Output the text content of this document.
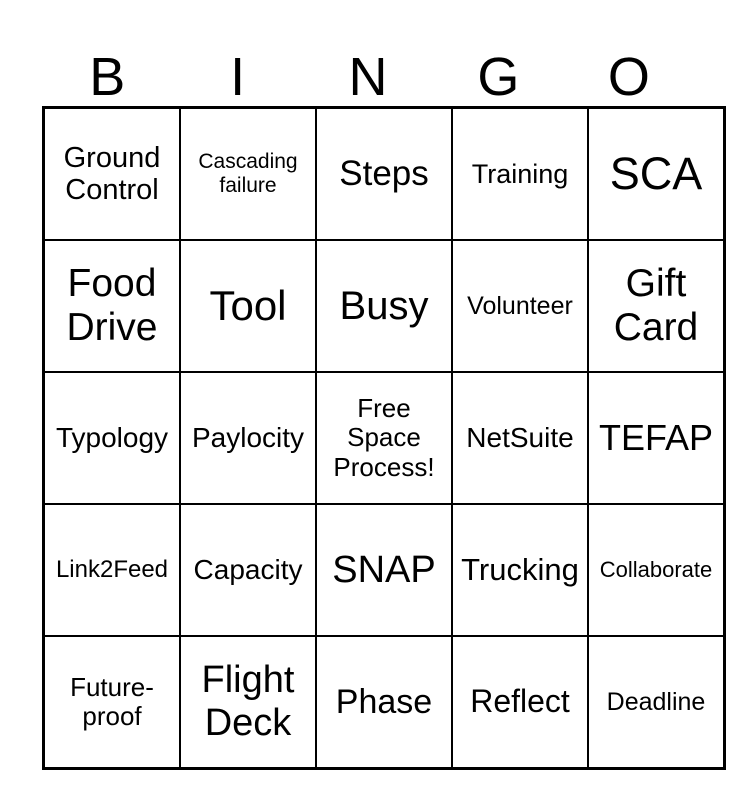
B	I	N	G	O
Ground Control	Cascading failure	Steps	Training	SCA
Food Drive	Tool	Busy	Volunteer	Gift Card
Typology	Paylocity	Free Space Process!	NetSuite	TEFAP
Link2Feed	Capacity	SNAP	Trucking	Collaborate
Future-proof	Flight Deck	Phase	Reflect	Deadline
